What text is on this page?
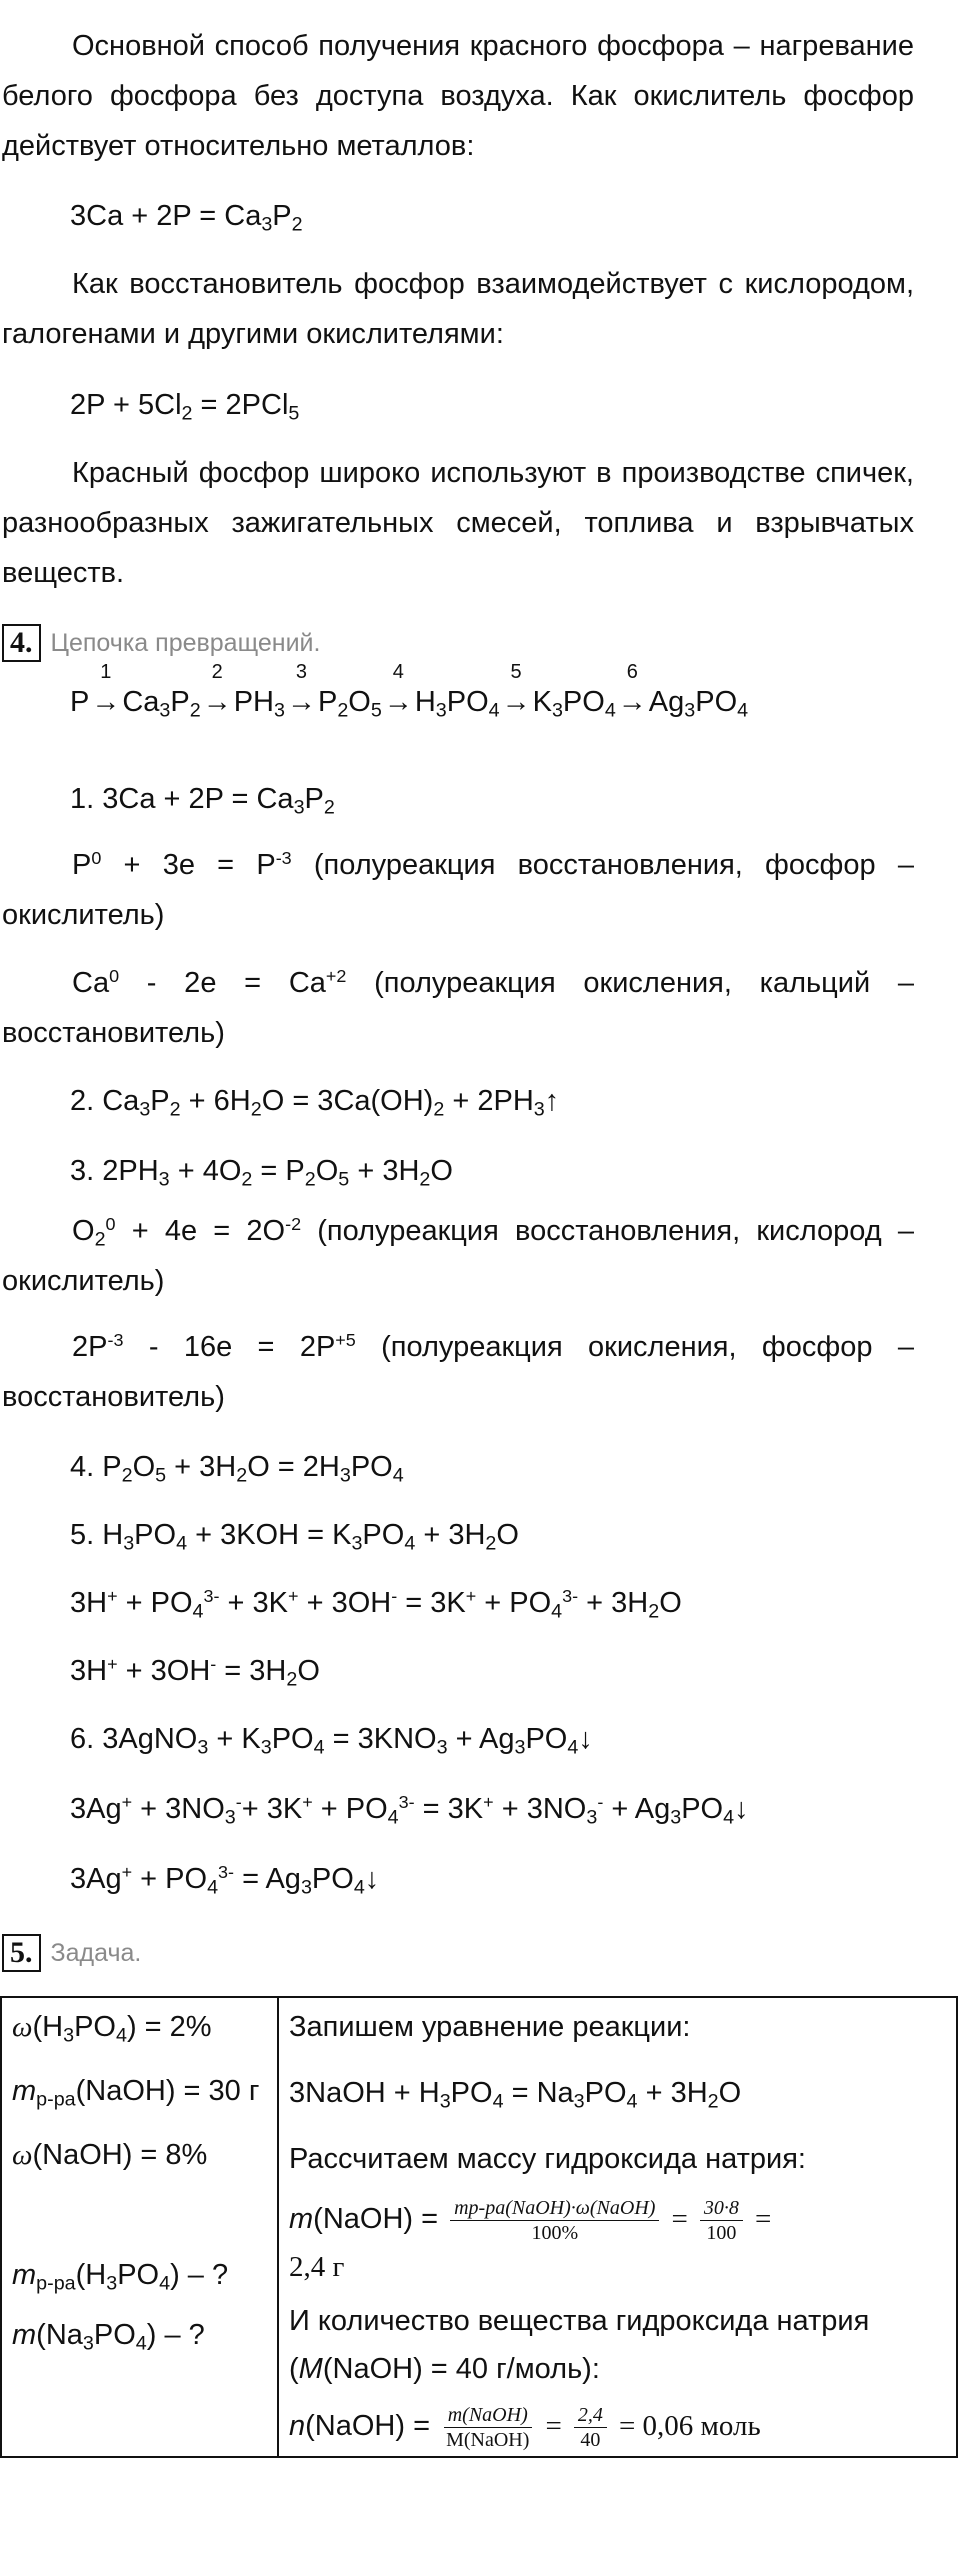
Основной способ получения красного фосфора – нагревание белого фосфора без доступа воздуха. Как окислитель фосфор действует относительно металлов:
$3Ca + 2P = Ca_3P_2$
Как восстановитель фосфор взаимодействует с кислородом, галогенами и другими окислителями:
$2P + 5Cl_2 = 2PCl_5$
Красный фосфор широко используют в производстве спичек, разнообразных зажигательных смесей, топлива и взрывчатых веществ.
4. Цепочка превращений.
P→
1
$Ca_3P_2\to$
2
$PH_3\to$
3
$P_2O_5\to$
4
$H_3PO_4\to$
5
$K_3PO_4\to$
6
$Ag_3PO_4$
1. $3Ca + 2P = Ca_3P_2$
$P^0 + 3e = P^{-3}$ (полуреакция восстановления, фосфор – окислитель)
$Ca^0 - 2e = Ca^{+2}$ (полуреакция окисления, кальций – восстановитель)
2. $Ca_3P_2 + 6H_2O = 3Ca(OH)_2$ + $2PH_3↑$
3. $2PH_3 + 4O_2 = P_2O_5 + 3H_2O$
$O_2^0 + 4e = 2O^{-2}$ (полуреакция восстановления, кислород – окислитель)
$2P^{-3} - 16e = 2P^{+5}$ (полуреакция окисления, фосфор – восстановитель)
4. $P_2O_5 + 3H_2O = 2H_3PO_4$
5. $H_3PO_4 + 3KOH = K_3PO_4 + 3H_2O$
$3H^+ + PO_4^{3-} + 3K^+ + 3OH^- = 3K^+ + PO_4^{3-} + 3H_2O$
$3H^+ + 3OH^- = 3H_2O$
6. 3AgNO$_3$ + $K_3PO_4 = 3KNO_3$ + $Ag_3PO_4↓$
$3Ag^+ + 3NO_3^-+ 3K^+ + PO_4^{3-} = 3K^+ + 3NO_3^-$ + $Ag_3PO_4↓$
$3Ag^+ + PO_4^{3-}$ = $Ag_3PO_4↓$
5. Задача.
$\omega(H_3PO_4) = 2\%$
$m_{р-ра}(NaOH) = 30$ г
ω(NaOH) = 8%
$m_{р-ра}(H_3PO_4)$ – ?
$m(Na_3PO_4)$ – ?

Запишем уравнение реакции:
3NaOH + $H_3PO_4 = Na_3PO_4 + 3H_2O$
Рассчитаем массу гидроксида натрия:
m(NaOH) = $\frac{\text{mр-ра(NaOH)·ω(NaOH)}}{100\%} = \frac{30\cdot 8}{100}$ =
2,4 г
И количество вещества гидроксида натрия (M(NaOH) = 40 г/моль):
n(NaOH) = $\frac{\text{m(NaOH)}}{\text{M(NaOH)}} = \frac{2,4}{40} = 0,06$ моль
